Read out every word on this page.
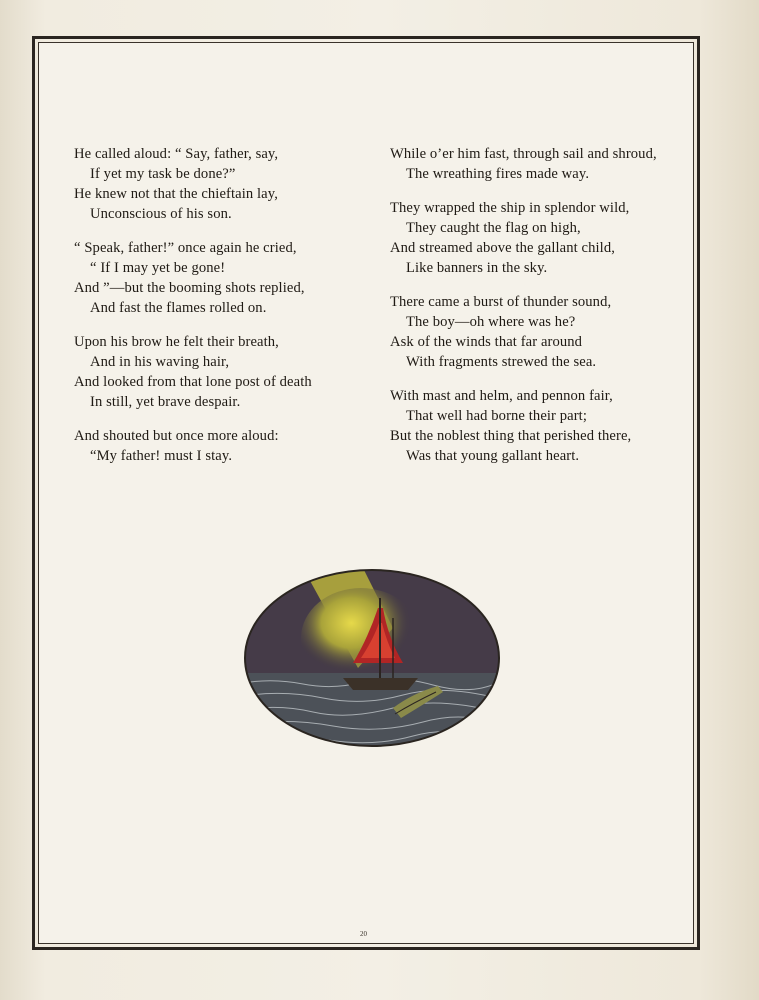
He called aloud: “ Say, father, say,
If yet my task be done?”
He knew not that the chieftain lay,
Unconscious of his son.
“ Speak, father!” once again he cried,
“ If I may yet be gone!
And ”—but the booming shots replied,
And fast the flames rolled on.
Upon his brow he felt their breath,
And in his waving hair,
And looked from that lone post of death
In still, yet brave despair.
And shouted but once more aloud:
“My father! must I stay.
While o’er him fast, through sail and shroud,
The wreathing fires made way.
They wrapped the ship in splendor wild,
They caught the flag on high,
And streamed above the gallant child,
Like banners in the sky.
There came a burst of thunder sound,
The boy—oh where was he?
Ask of the winds that far around
With fragments strewed the sea.
With mast and helm, and pennon fair,
That well had borne their part;
But the noblest thing that perished there,
Was that young gallant heart.
20
